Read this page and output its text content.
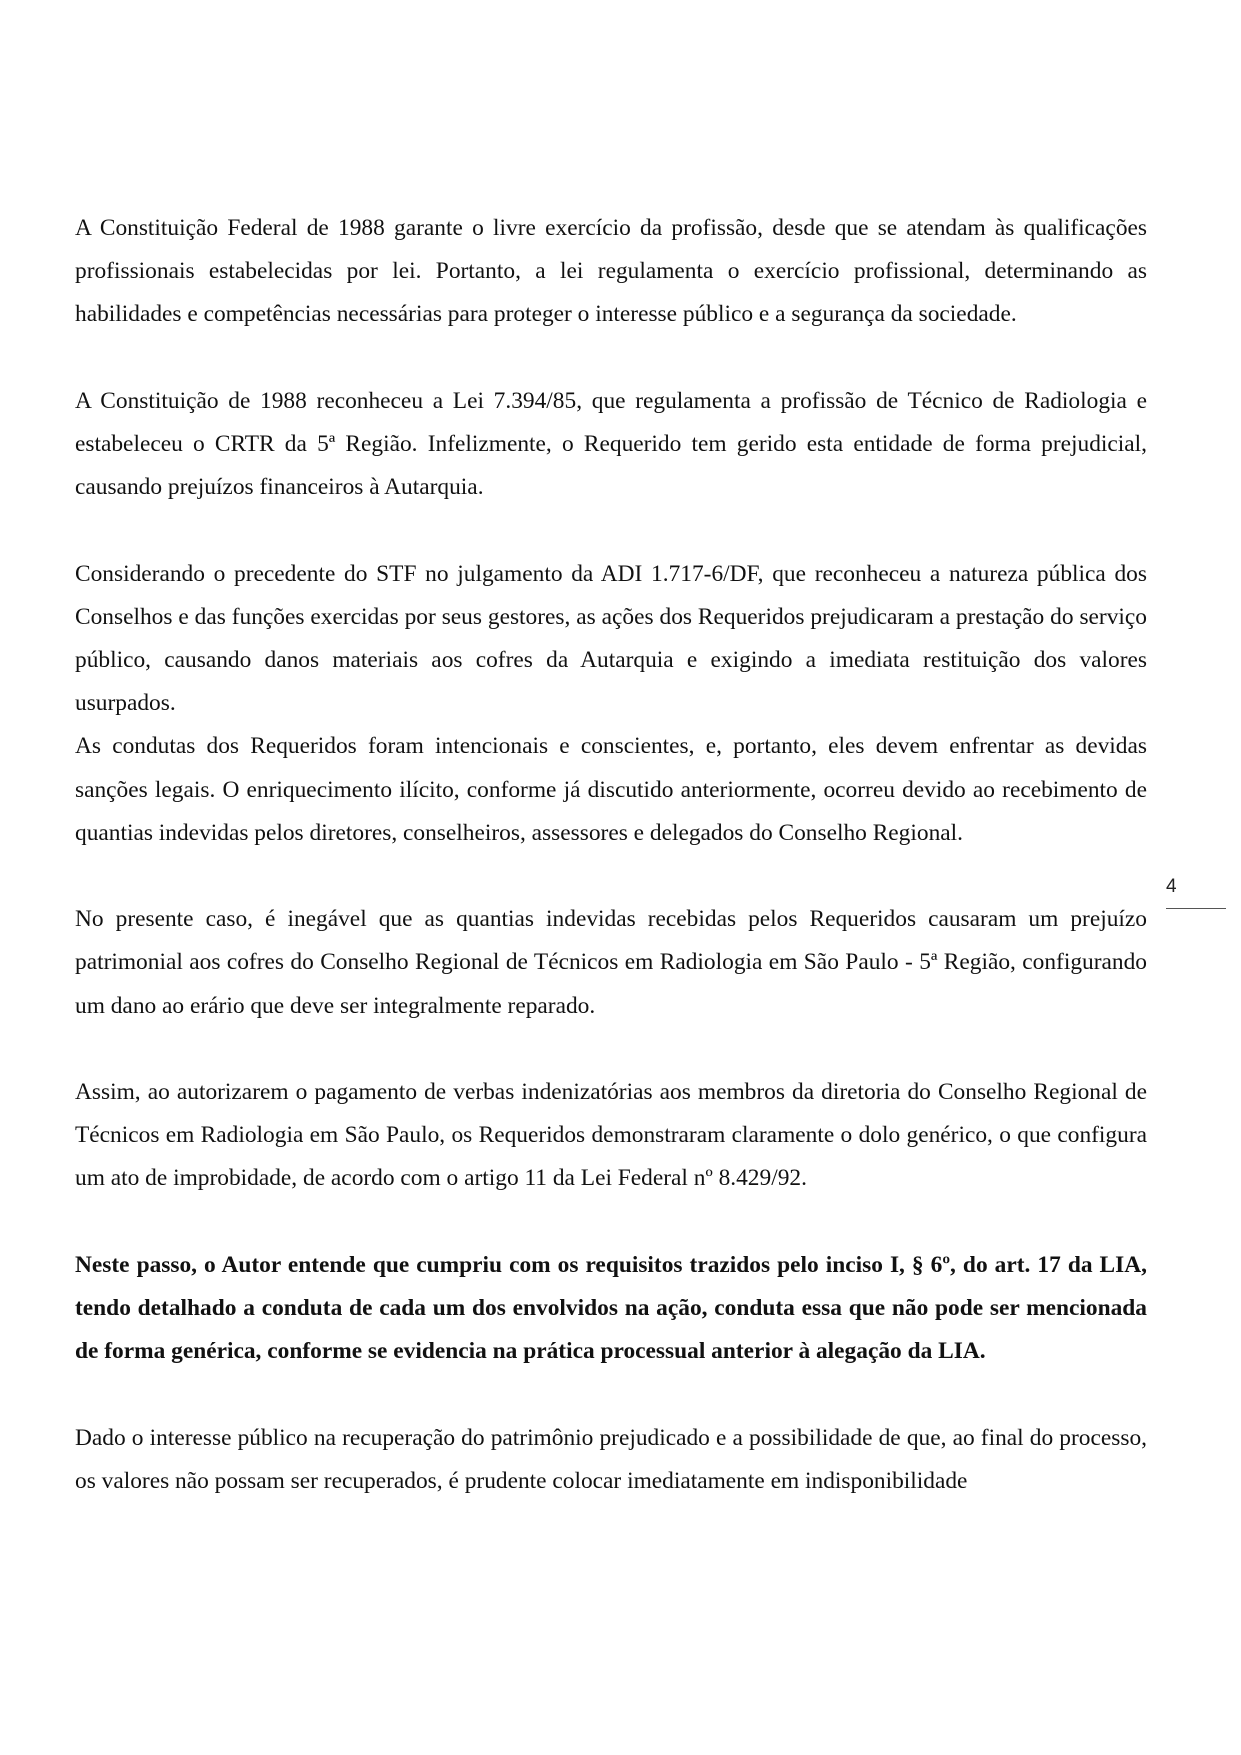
A Constituição Federal de 1988 garante o livre exercício da profissão, desde que se atendam às qualificações profissionais estabelecidas por lei. Portanto, a lei regulamenta o exercício profissional, determinando as habilidades e competências necessárias para proteger o interesse público e a segurança da sociedade.

A Constituição de 1988 reconheceu a Lei 7.394/85, que regulamenta a profissão de Técnico de Radiologia e estabeleceu o CRTR da 5ª Região. Infelizmente, o Requerido tem gerido esta entidade de forma prejudicial, causando prejuízos financeiros à Autarquia.

Considerando o precedente do STF no julgamento da ADI 1.717-6/DF, que reconheceu a natureza pública dos Conselhos e das funções exercidas por seus gestores, as ações dos Requeridos prejudicaram a prestação do serviço público, causando danos materiais aos cofres da Autarquia e exigindo a imediata restituição dos valores usurpados.

As condutas dos Requeridos foram intencionais e conscientes, e, portanto, eles devem enfrentar as devidas sanções legais. O enriquecimento ilícito, conforme já discutido anteriormente, ocorreu devido ao recebimento de quantias indevidas pelos diretores, conselheiros, assessores e delegados do Conselho Regional.

No presente caso, é inegável que as quantias indevidas recebidas pelos Requeridos causaram um prejuízo patrimonial aos cofres do Conselho Regional de Técnicos em Radiologia em São Paulo - 5ª Região, configurando um dano ao erário que deve ser integralmente reparado.

Assim, ao autorizarem o pagamento de verbas indenizatórias aos membros da diretoria do Conselho Regional de Técnicos em Radiologia em São Paulo, os Requeridos demonstraram claramente o dolo genérico, o que configura um ato de improbidade, de acordo com o artigo 11 da Lei Federal nº 8.429/92.

Neste passo, o Autor entende que cumpriu com os requisitos trazidos pelo inciso I, § 6º, do art. 17 da LIA, tendo detalhado a conduta de cada um dos envolvidos na ação, conduta essa que não pode ser mencionada de forma genérica, conforme se evidencia na prática processual anterior à alegação da LIA.

Dado o interesse público na recuperação do patrimônio prejudicado e a possibilidade de que, ao final do processo, os valores não possam ser recuperados, é prudente colocar imediatamente em indisponibilidade

4
